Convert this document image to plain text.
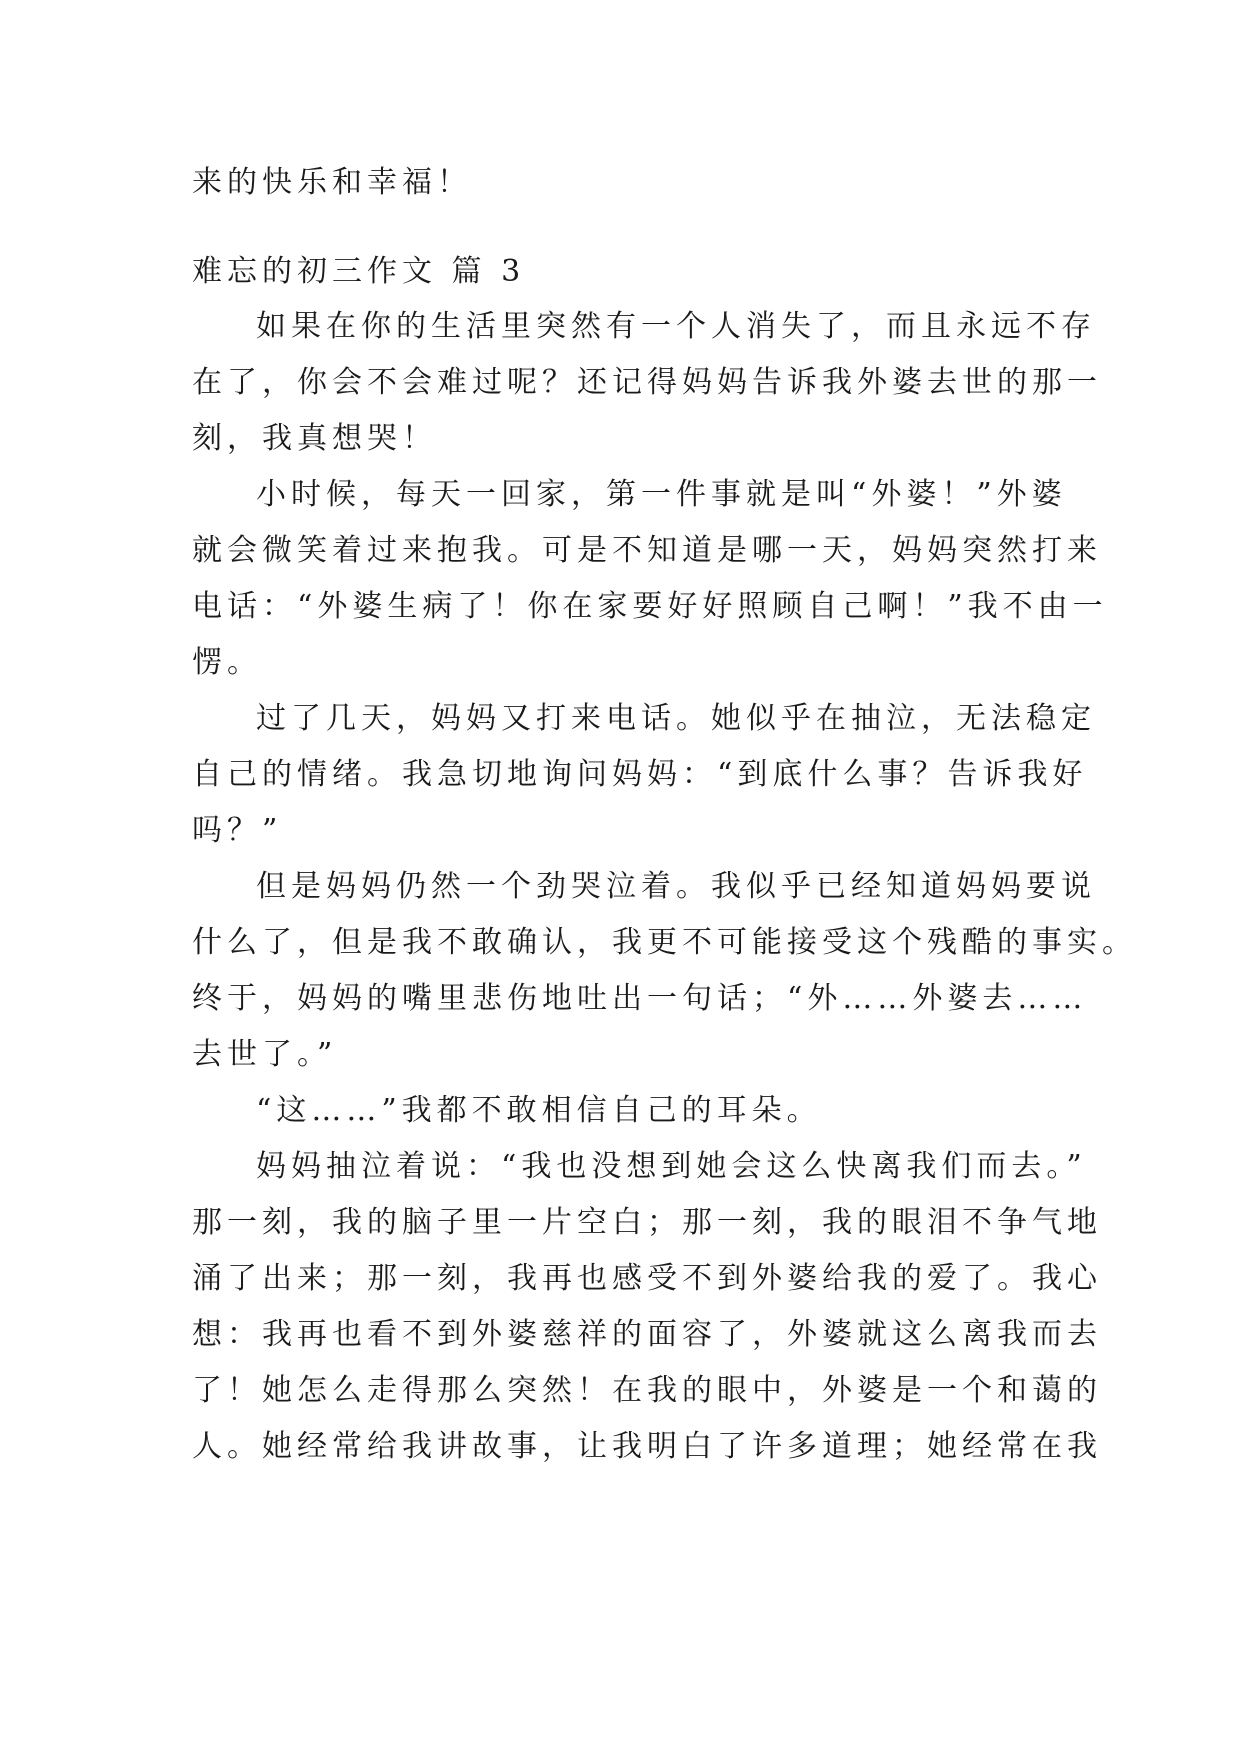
来的快乐和幸福！
难忘的初三作文 篇 3
如果在你的生活里突然有一个人消失了，而且永远不存
在了，你会不会难过呢？还记得妈妈告诉我外婆去世的那一
刻，我真想哭！
小时候，每天一回家，第一件事就是叫“外婆！”外婆
就会微笑着过来抱我。可是不知道是哪一天，妈妈突然打来
电话：“外婆生病了！你在家要好好照顾自己啊！”我不由一
愣。
过了几天，妈妈又打来电话。她似乎在抽泣，无法稳定
自己的情绪。我急切地询问妈妈：“到底什么事？告诉我好
吗？”
但是妈妈仍然一个劲哭泣着。我似乎已经知道妈妈要说
什么了，但是我不敢确认，我更不可能接受这个残酷的事实。
终于，妈妈的嘴里悲伤地吐出一句话；“外……外婆去……
去世了。”
“这……”我都不敢相信自己的耳朵。
妈妈抽泣着说：“我也没想到她会这么快离我们而去。”
那一刻，我的脑子里一片空白；那一刻，我的眼泪不争气地
涌了出来；那一刻，我再也感受不到外婆给我的爱了。我心
想：我再也看不到外婆慈祥的面容了，外婆就这么离我而去
了！她怎么走得那么突然！在我的眼中，外婆是一个和蔼的
人。她经常给我讲故事，让我明白了许多道理；她经常在我
